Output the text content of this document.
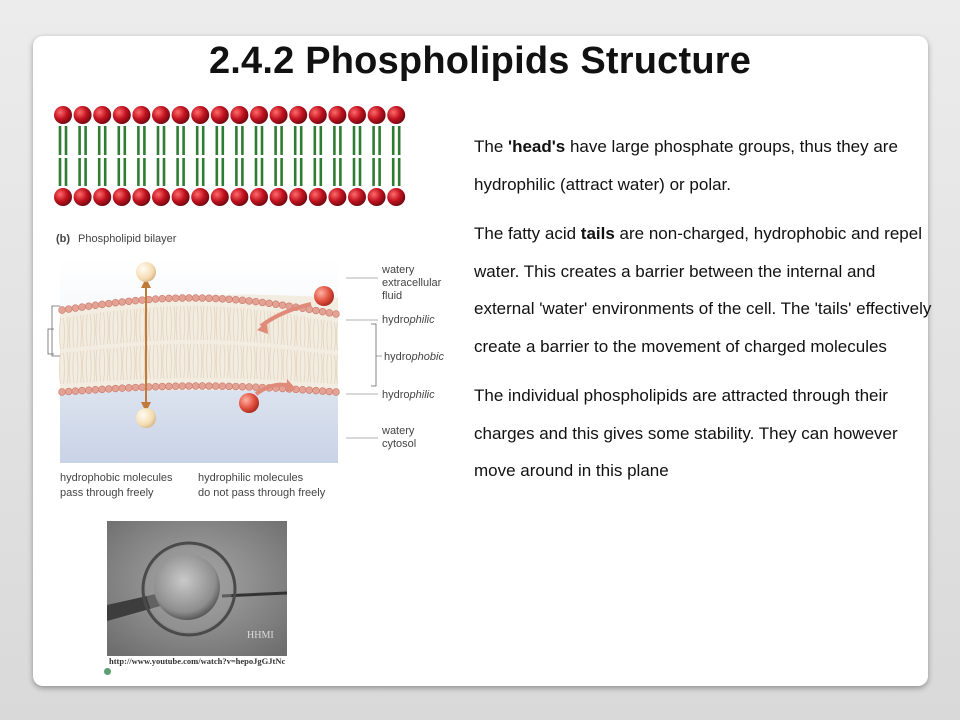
2.4.2 Phospholipids Structure
(b) Phospholipid bilayer
watery
extracellular
fluid
hydrophilic
hydrophobic
hydrophilic
watery
cytosol
hydrophobic molecules
pass through freely
hydrophilic molecules
do not pass through freely
HHMI
http://www.youtube.com/watch?v=hepoJgGJtNc

The 'head's have large phosphate groups, thus they are hydrophilic (attract water) or polar.

The fatty acid tails are non-charged, hydrophobic and repel water. This creates a barrier between the internal and external 'water' environments of the cell. The 'tails' effectively create a barrier to the movement of charged molecules

The individual phospholipids are attracted through their charges and this gives some stability. They can however move around in this plane
